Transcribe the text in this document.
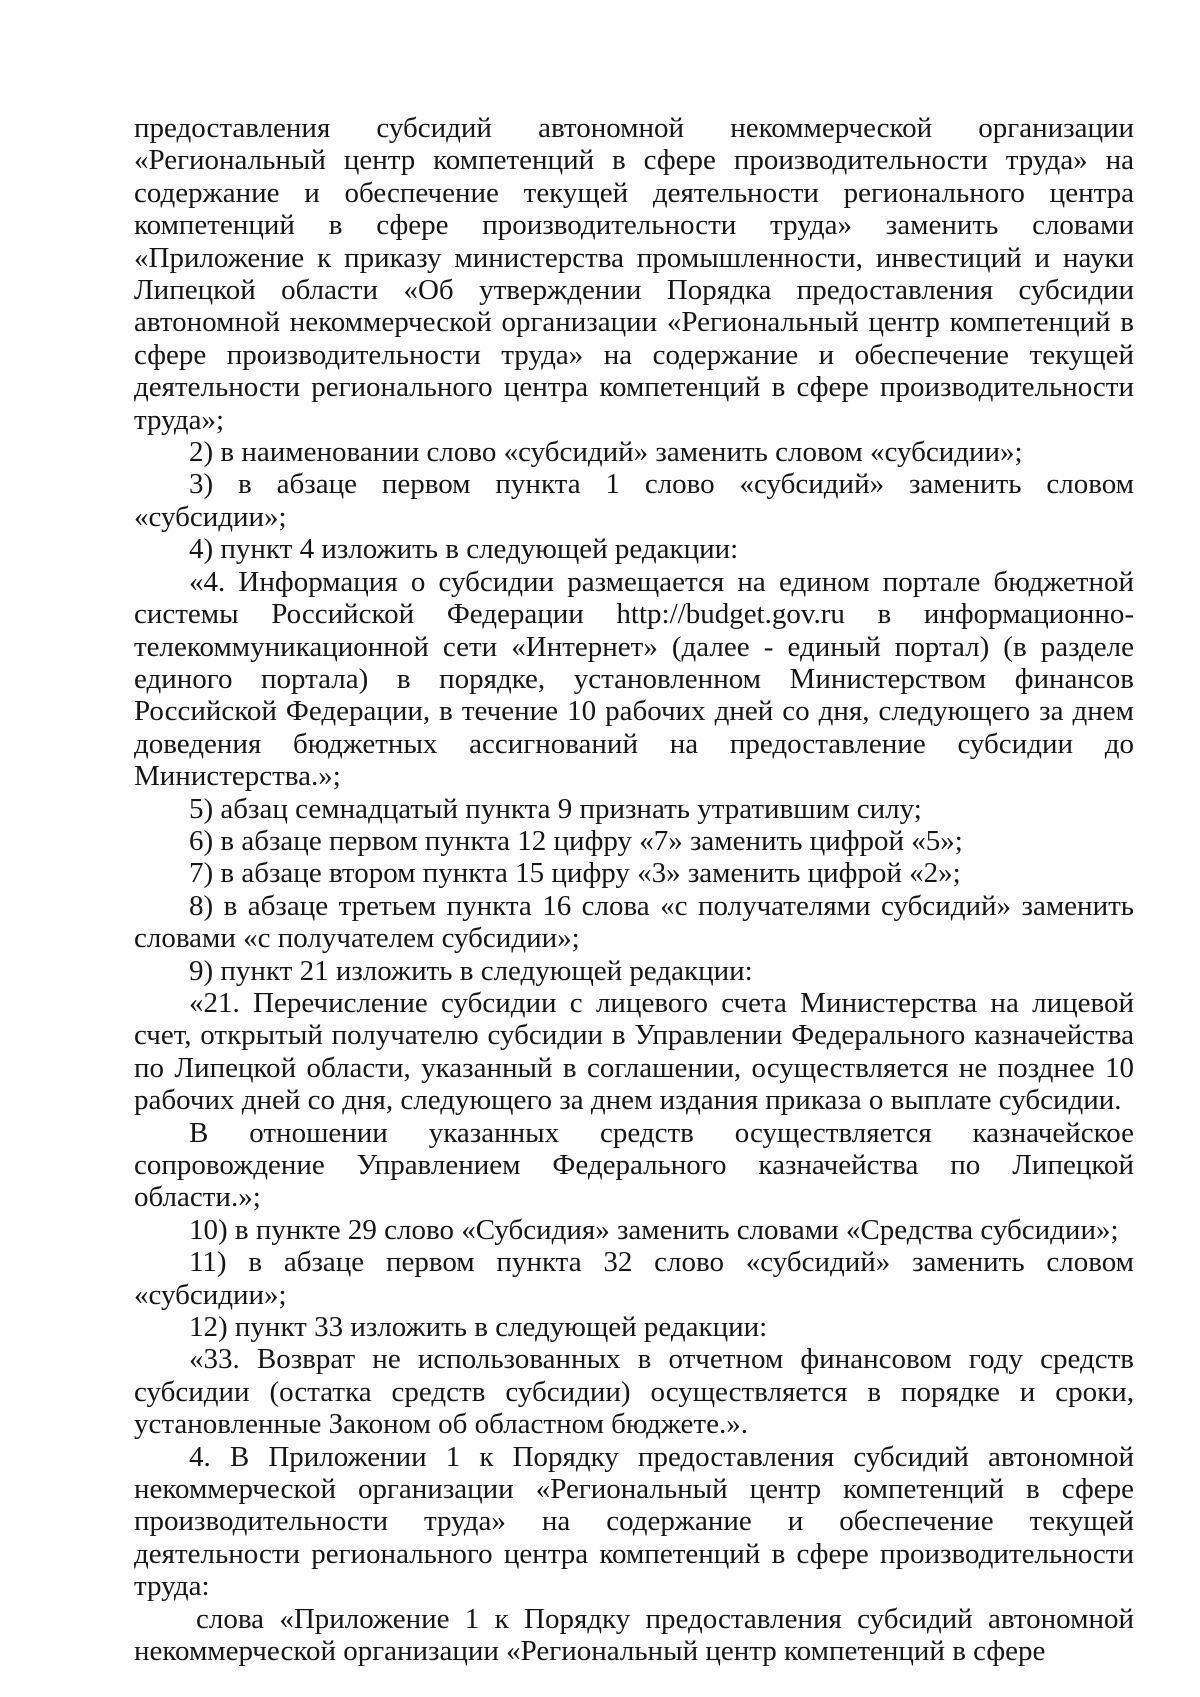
предоставления субсидий автономной некоммерческой организации «Региональный центр компетенций в сфере производительности труда» на содержание и обеспечение текущей деятельности регионального центра компетенций в сфере производительности труда» заменить словами «Приложение к приказу министерства промышленности, инвестиций и науки Липецкой области «Об утверждении Порядка предоставления субсидии автономной некоммерческой организации «Региональный центр компетенций в сфере производительности труда» на содержание и обеспечение текущей деятельности регионального центра компетенций в сфере производительности труда»;

2) в наименовании слово «субсидий» заменить словом «субсидии»;

3) в абзаце первом пункта 1 слово «субсидий» заменить словом «субсидии»;

4) пункт 4 изложить в следующей редакции:

«4. Информация о субсидии размещается на едином портале бюджетной системы Российской Федерации http://budget.gov.ru в информационно-телекоммуникационной сети «Интернет» (далее - единый портал) (в разделе единого портала) в порядке, установленном Министерством финансов Российской Федерации, в течение 10 рабочих дней со дня, следующего за днем доведения бюджетных ассигнований на предоставление субсидии до Министерства.»;

5) абзац семнадцатый пункта 9 признать утратившим силу;

6) в абзаце первом пункта 12 цифру «7» заменить цифрой «5»;

7) в абзаце втором пункта 15 цифру «3» заменить цифрой «2»;

8) в абзаце третьем пункта 16 слова «с получателями субсидий» заменить словами «с получателем субсидии»;

9) пункт 21 изложить в следующей редакции:

«21. Перечисление субсидии с лицевого счета Министерства на лицевой счет, открытый получателю субсидии в Управлении Федерального казначейства по Липецкой области, указанный в соглашении, осуществляется не позднее 10 рабочих дней со дня, следующего за днем издания приказа о выплате субсидии.

В отношении указанных средств осуществляется казначейское сопровождение Управлением Федерального казначейства по Липецкой области.»;

10) в пункте 29 слово «Субсидия» заменить словами «Средства субсидии»;

11) в абзаце первом пункта 32 слово «субсидий» заменить словом «субсидии»;

12) пункт 33 изложить в следующей редакции:

«33. Возврат не использованных в отчетном финансовом году средств субсидии (остатка средств субсидии) осуществляется в порядке и сроки, установленные Законом об областном бюджете.».

4. В Приложении 1 к Порядку предоставления субсидий автономной некоммерческой организации «Региональный центр компетенций в сфере производительности труда» на содержание и обеспечение текущей деятельности регионального центра компетенций в сфере производительности труда:

слова «Приложение 1 к Порядку предоставления субсидий автономной некоммерческой организации «Региональный центр компетенций в сфере
